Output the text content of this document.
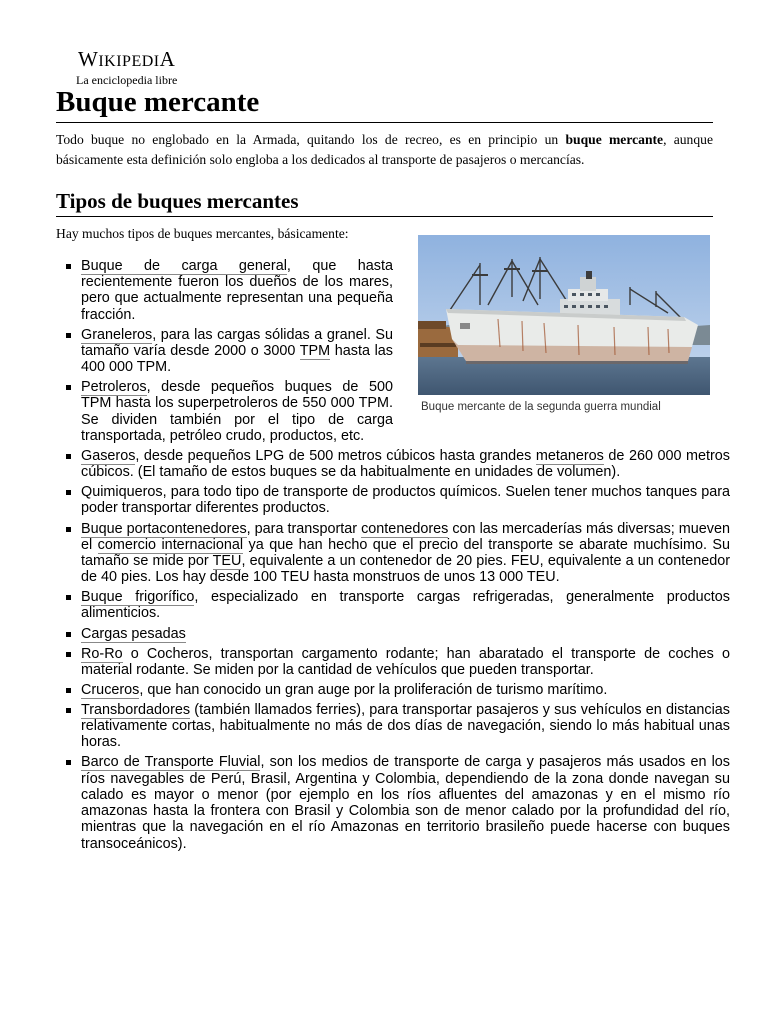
WIKIPEDIA
La enciclopedia libre
Buque mercante

Todo buque no englobado en la Armada, quitando los de recreo, es en principio un buque mercante, aunque básicamente esta definición solo engloba a los dedicados al transporte de pasajeros o mercancías.

Tipos de buques mercantes

Hay muchos tipos de buques mercantes, básicamente:

Buque mercante de la segunda guerra mundial
Buque de carga general, que hasta recientemente fueron los dueños de los mares, pero que actualmente representan una pequeña fracción.
Graneleros, para las cargas sólidas a granel. Su tamaño varía desde 2000 o 3000 TPM hasta las 400 000 TPM.
Petroleros, desde pequeños buques de 500 TPM hasta los superpetroleros de 550 000 TPM. Se dividen también por el tipo de carga transportada, petróleo crudo, productos, etc.
Gaseros, desde pequeños LPG de 500 metros cúbicos hasta grandes metaneros de 260 000 metros cúbicos. (El tamaño de estos buques se da habitualmente en unidades de volumen).
Quimiqueros, para todo tipo de transporte de productos químicos. Suelen tener muchos tanques para poder transportar diferentes productos.
Buque portacontenedores, para transportar contenedores con las mercaderías más diversas; mueven el comercio internacional ya que han hecho que el precio del transporte se abarate muchísimo. Su tamaño se mide por TEU, equivalente a un contenedor de 20 pies. FEU, equivalente a un contenedor de 40 pies. Los hay desde 100 TEU hasta monstruos de unos 13 000 TEU.
Buque frigorífico, especializado en transporte cargas refrigeradas, generalmente productos alimenticios.
Cargas pesadas
Ro-Ro o Cocheros, transportan cargamento rodante; han abaratado el transporte de coches o material rodante. Se miden por la cantidad de vehículos que pueden transportar.
Cruceros, que han conocido un gran auge por la proliferación de turismo marítimo.
Transbordadores (también llamados ferries), para transportar pasajeros y sus vehículos en distancias relativamente cortas, habitualmente no más de dos días de navegación, siendo lo más habitual unas horas.
Barco de Transporte Fluvial, son los medios de transporte de carga y pasajeros más usados en los ríos navegables de Perú, Brasil, Argentina y Colombia, dependiendo de la zona donde navegan su calado es mayor o menor (por ejemplo en los ríos afluentes del amazonas y en el mismo río amazonas hasta la frontera con Brasil y Colombia son de menor calado por la profundidad del río, mientras que la navegación en el río Amazonas en territorio brasileño puede hacerse con buques transoceánicos).
